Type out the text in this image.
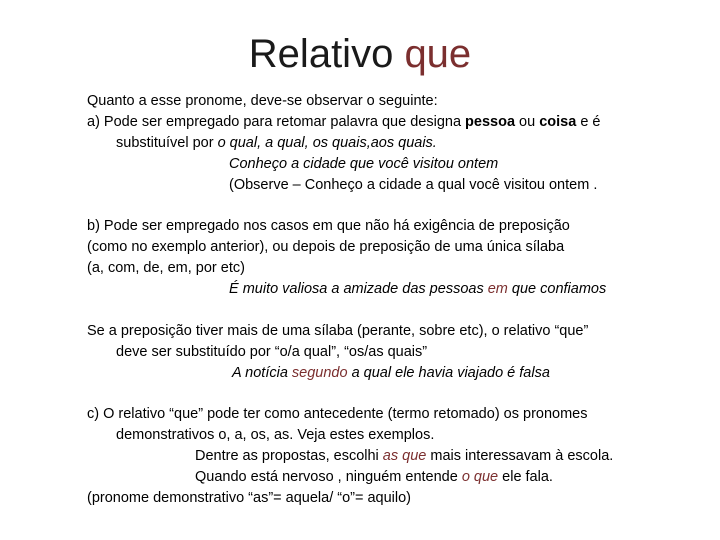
Relativo que
Quanto a esse pronome, deve-se observar o seguinte:
a) Pode ser empregado para retomar palavra que designa pessoa ou coisa e é
substituível por o qual, a qual, os quais,aos quais.
Conheço a cidade que você visitou ontem
(Observe – Conheço a cidade a qual você visitou ontem .
b) Pode ser empregado nos casos em que não há exigência de preposição
(como no exemplo anterior), ou depois de preposição de uma única sílaba
(a, com, de, em, por etc)
É muito valiosa a amizade das pessoas em que confiamos
Se a preposição tiver mais de uma sílaba (perante, sobre etc), o relativo “que”
deve ser substituído por “o/a qual”, “os/as quais”
A notícia segundo a qual ele havia viajado é falsa
c) O relativo “que” pode ter como antecedente (termo retomado) os pronomes
demonstrativos o, a, os, as. Veja estes exemplos.
Dentre as propostas, escolhi as que mais interessavam à escola.
Quando está nervoso , ninguém entende o que ele fala.
(pronome demonstrativo “as”= aquela/ “o”= aquilo)
